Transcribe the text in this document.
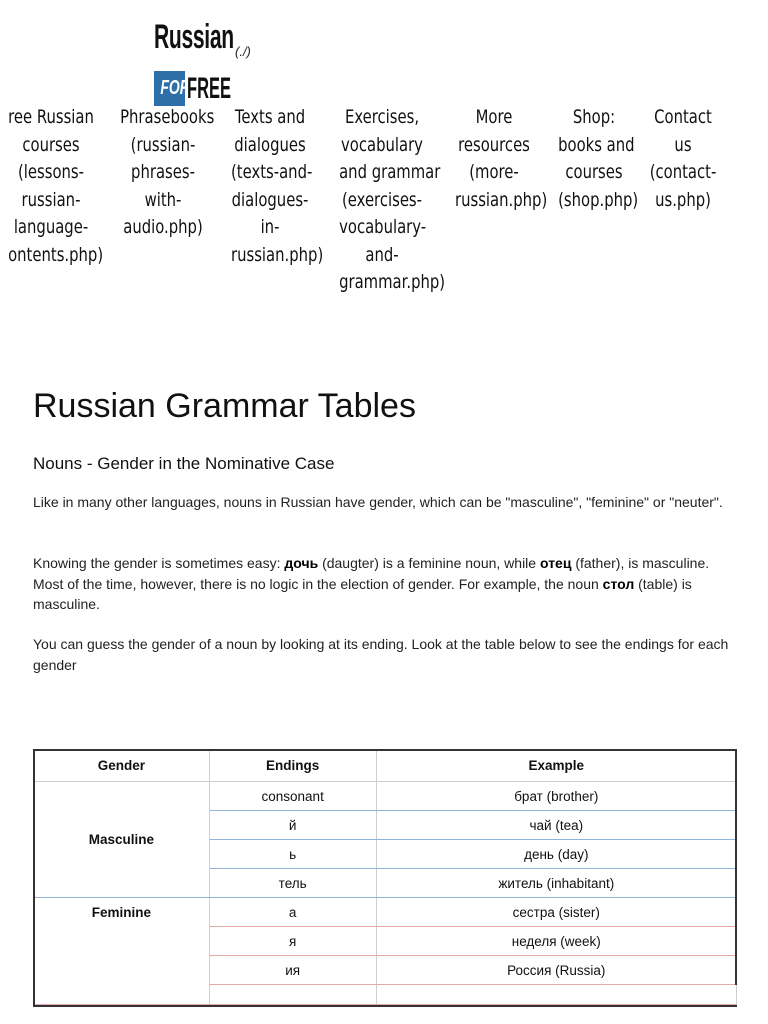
Russian
FOR
FREE
(./)
ree Russian
courses
(lessons-
russian-
language-
ontents.php)
Phrasebooks
(russian-
phrases-
with-
audio.php)
Texts and
dialogues
(texts-and-
dialogues-
in-
russian.php)
Exercises,
vocabulary
and grammar
(exercises-
vocabulary-
and-
grammar.php)
More
resources
(more-
russian.php)
Shop:
books and
courses
(shop.php)
Contact
us
(contact-
us.php)
Russian Grammar Tables
Nouns - Gender in the Nominative Case

Like in many other languages, nouns in Russian have gender, which can be "masculine", "feminine" or "neuter".

Knowing the gender is sometimes easy: дочь (daugter) is a feminine noun, while отец (father), is masculine. Most of the time, however, there is no logic in the election of gender. For example, the noun стол (table) is masculine.

You can guess the gender of a noun by looking at its ending. Look at the table below to see the endings for each gender

Gender	Endings	Example
Masculine	consonant	брат (brother)
	й	чай (tea)
	ь	день (day)
	тель	житель (inhabitant)
Feminine	а	сестра (sister)
	я	неделя (week)
	ия	Россия (Russia)
